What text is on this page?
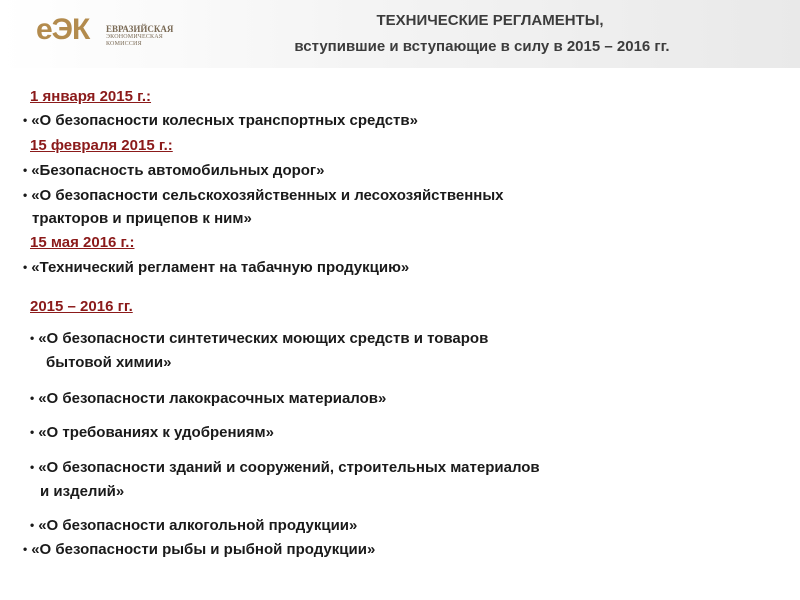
еЭК	ЕВРАЗИЙСКАЯ
ЭКОНОМИЧЕСКАЯ
КОМИССИЯ
ТЕХНИЧЕСКИЕ РЕГЛАМЕНТЫ,
вступившие и вступающие в силу в 2015 – 2016 гг.
1 января 2015 г.:
• «О безопасности колесных транспортных средств»
15 февраля 2015 г.:
• «Безопасность автомобильных дорог»
• «О безопасности сельскохозяйственных и лесохозяйственных
тракторов и прицепов к ним»
15 мая 2016 г.:
• «Технический регламент на табачную продукцию»
2015 – 2016 гг.
• «О безопасности синтетических моющих средств и товаров
бытовой химии»
• «О безопасности лакокрасочных материалов»
• «О требованиях к удобрениям»
• «О безопасности зданий и сооружений, строительных материалов
и изделий»
• «О безопасности алкогольной продукции»
• «О безопасности рыбы и рыбной продукции»
